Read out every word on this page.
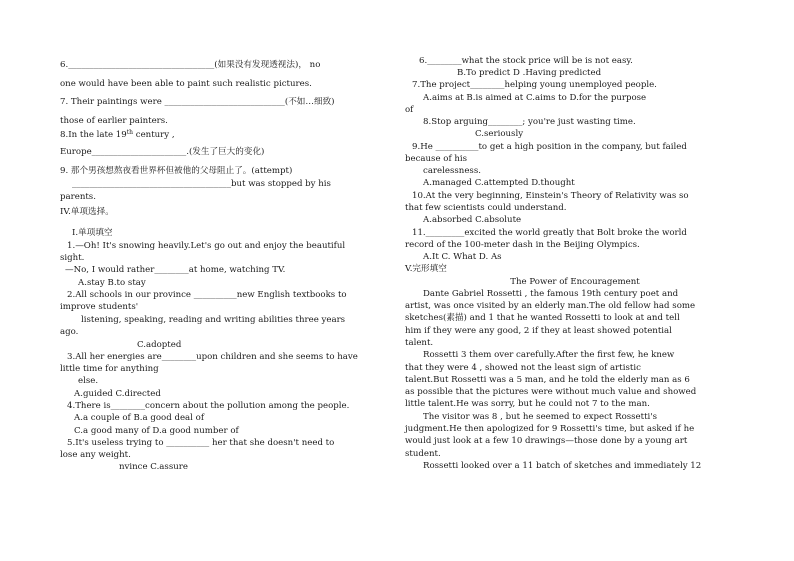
6.__________________________________(如果没有发现透视法)， no
one would have been able to paint such realistic pictures.
7. Their paintings were ____________________________(不如…细致)
those of earlier painters.
8.In the late 19th century ,
Europe______________________.(发生了巨大的变化)
9. 那个男孩想熬夜看世界杯但被他的父母阻止了。(attempt)
_____________________________________but was stopped by his
parents.
IV.单项选择。
Ⅰ.单项填空
1.—Oh! It's snowing heavily.Let's go out and enjoy the beautiful
sight.
—No, I would rather________at home, watching TV.
A.stay B.to stay
2.All schools in our province __________new English textbooks to
improve students'
listening, speaking, reading and writing abilities three years
ago.
C.adopted
3.All her energies are________upon children and she seems to have
little time for anything
else.
A.guided C.directed
4.There is________concern about the pollution among the people.
A.a couple of B.a good deal of
C.a good many of D.a good number of
5.It's useless trying to __________ her that she doesn't need to
lose any weight.
nvince C.assure
6.________what the stock price will be is not easy.
B.To predict D .Having predicted
7.The project________helping young unemployed people.
A.aims at B.is aimed at C.aims to D.for the purpose
of
8.Stop arguing________; you're just wasting time.
C.seriously
9.He __________to get a high position in the company, but failed
because of his
carelessness.
A.managed C.attempted D.thought
10.At the very beginning, Einstein's Theory of Relativity was so
that few scientists could understand.
A.absorbed C.absolute
11._________excited the world greatly that Bolt broke the world
record of the 100-meter dash in the Beijing Olympics.
A.It C. What D. As
V.完形填空
The Power of Encouragement
Dante Gabriel Rossetti , the famous 19th century poet and
artist, was once visited by an elderly man.The old fellow had some
sketches(素描) and 1 that he wanted Rossetti to look at and tell
him if they were any good, 2 if they at least showed potential
talent.
Rossetti 3 them over carefully.After the first few, he knew
that they were 4 , showed not the least sign of artistic
talent.But Rossetti was a 5 man, and he told the elderly man as 6
as possible that the pictures were without much value and showed
little talent.He was sorry, but he could not 7 to the man.
The visitor was 8 , but he seemed to expect Rossetti's
judgment.He then apologized for 9 Rossetti's time, but asked if he
would just look at a few 10 drawings—those done by a young art
student.
Rossetti looked over a 11 batch of sketches and immediately 12
